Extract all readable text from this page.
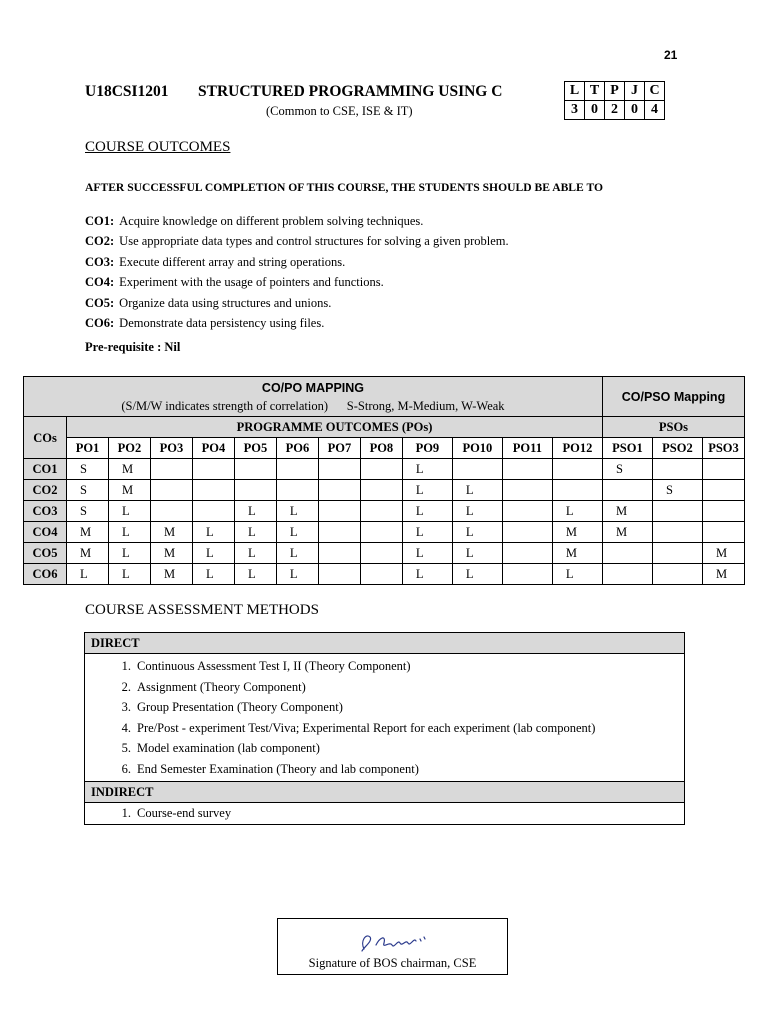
21
U18CSI1201 STRUCTURED PROGRAMMING USING C
(Common to CSE, ISE & IT)
L	T	P	J	C
3	0	2	0	4
COURSE OUTCOMES
AFTER SUCCESSFUL COMPLETION OF THIS COURSE, THE STUDENTS SHOULD BE ABLE TO
CO1: Acquire knowledge on different problem solving techniques.
CO2: Use appropriate data types and control structures for solving a given problem.
CO3: Execute different array and string operations.
CO4: Experiment with the usage of pointers and functions.
CO5: Organize data using structures and unions.
CO6: Demonstrate data persistency using files.
Pre-requisite : Nil
CO/PO MAPPING
(S/M/W indicates strength of correlation)      S-Strong, M-Medium, W-Weak													CO/PSO Mapping		
COs	PROGRAMME OUTCOMES (POs)												PSOs		
	PO1	PO2	PO3	PO4	PO5	PO6	PO7	PO8	PO9	PO10	PO11	PO12	PSO1	PSO2	PSO3
CO1	S	M							L				S		
CO2	S	M							L	L				S	
CO3	S	L			L	L			L	L		L	M		
CO4	M	L	M	L	L	L			L	L		M	M		
CO5	M	L	M	L	L	L			L	L		M			M
CO6	L	L	M	L	L	L			L	L		L			M
COURSE ASSESSMENT METHODS
DIRECT

1. Continuous Assessment Test I, II (Theory Component)
2. Assignment (Theory Component)
3. Group Presentation (Theory Component)
4. Pre/Post - experiment Test/Viva; Experimental Report for each experiment (lab component)
5. Model examination (lab component)
6. End Semester Examination (Theory and lab component)

INDIRECT

1. Course-end survey
Signature of BOS chairman, CSE
